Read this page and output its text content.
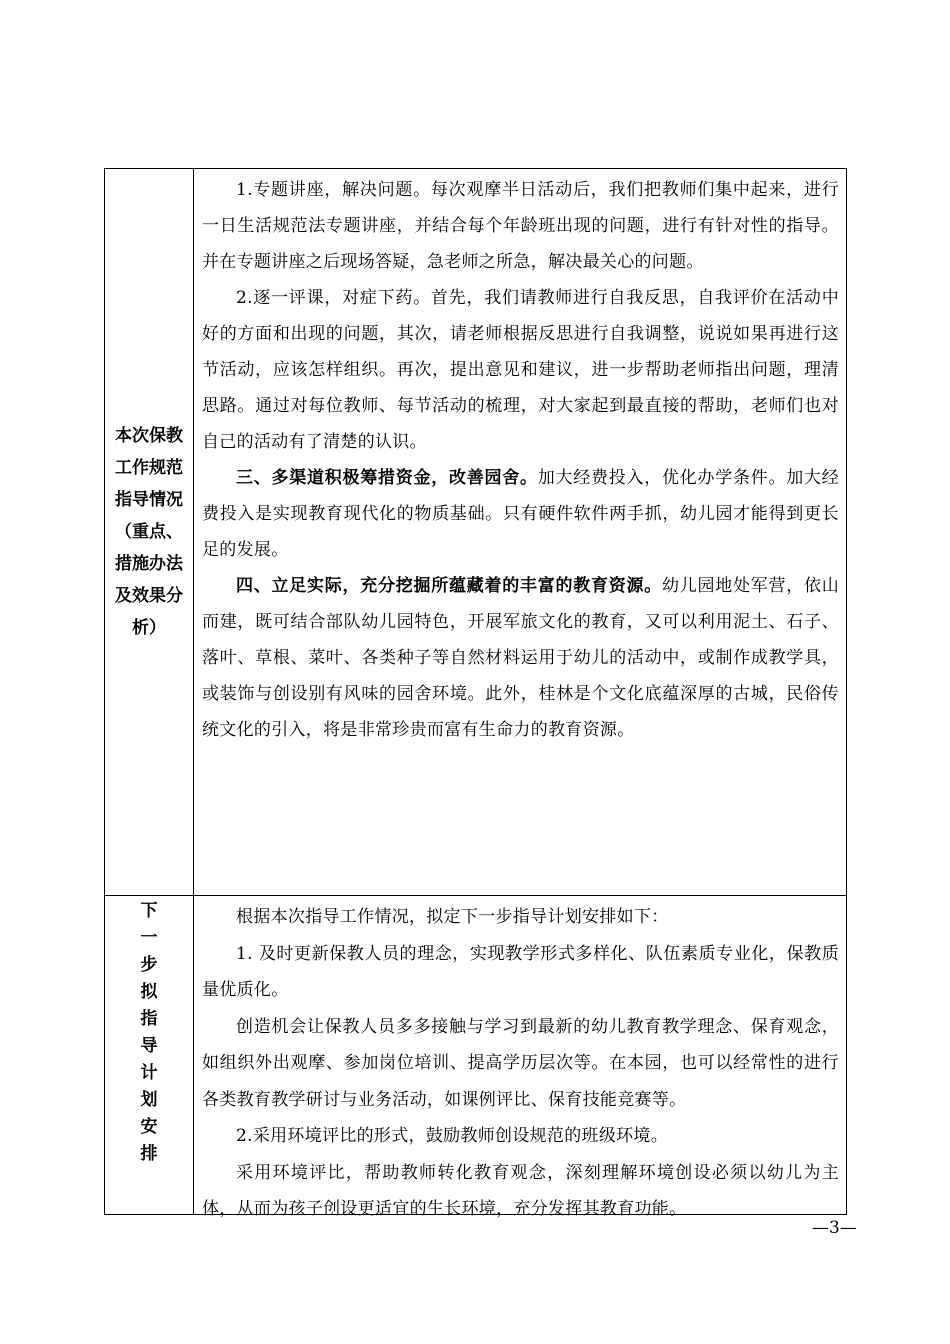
本次保教工作规范指导情况（重点、措施办法及效果分析）	1.专题讲座，解决问题。每次观摩半日活动后，我们把教师们集中起来，进行一日生活规范法专题讲座，并结合每个年龄班出现的问题，进行有针对性的指导。并在专题讲座之后现场答疑，急老师之所急，解决最关心的问题。

2.逐一评课，对症下药。首先，我们请教师进行自我反思，自我评价在活动中好的方面和出现的问题，其次，请老师根据反思进行自我调整，说说如果再进行这节活动，应该怎样组织。再次，提出意见和建议，进一步帮助老师指出问题，理清思路。通过对每位教师、每节活动的梳理，对大家起到最直接的帮助，老师们也对自己的活动有了清楚的认识。

三、多渠道积极筹措资金，改善园舍。加大经费投入，优化办学条件。加大经费投入是实现教育现代化的物质基础。只有硬件软件两手抓，幼儿园才能得到更长足的发展。

四、立足实际，充分挖掘所蕴藏着的丰富的教育资源。幼儿园地处军营，依山而建，既可结合部队幼儿园特色，开展军旅文化的教育，又可以利用泥土、石子、落叶、草根、菜叶、各类种子等自然材料运用于幼儿的活动中，或制作成教学具，或装饰与创设别有风味的园舍环境。此外，桂林是个文化底蕴深厚的古城，民俗传统文化的引入，将是非常珍贵而富有生命力的教育资源。

下一步拟指导计划安排	根据本次指导工作情况，拟定下一步指导计划安排如下：

1. 及时更新保教人员的理念，实现教学形式多样化、队伍素质专业化，保教质量优质化。

创造机会让保教人员多多接触与学习到最新的幼儿教育教学理念、保育观念，如组织外出观摩、参加岗位培训、提高学历层次等。在本园，也可以经常性的进行各类教育教学研讨与业务活动，如课例评比、保育技能竞赛等。

2.采用环境评比的形式，鼓励教师创设规范的班级环境。

采用环境评比，帮助教师转化教育观念，深刻理解环境创设必须以幼儿为主体，从而为孩子创设更适宜的生长环境，充分发挥其教育功能。

—3—
